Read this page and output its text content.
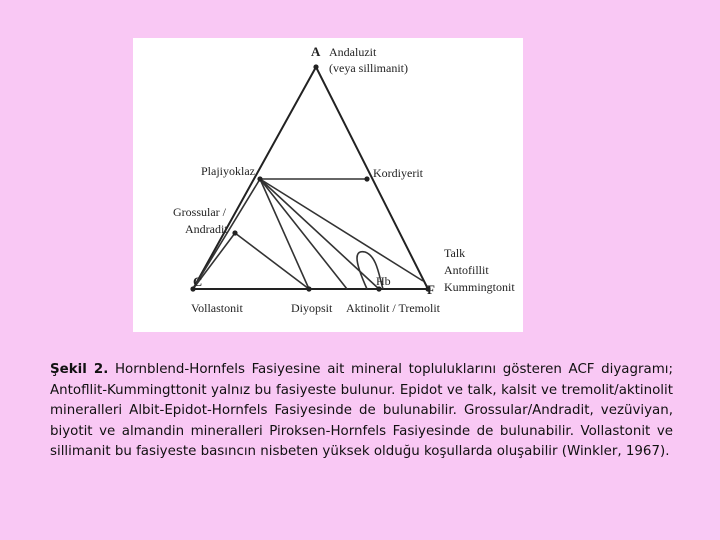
A Andaluzit
(veya sillimanit)
Plajiyoklaz	Kordiyerit
Grossular /
Andradit
Talk
Antofillit
Kummingtonit
Hb
C
F
Vollastonit	Diyopsit Aktinolit / Tremolit

Şekil 2. Hornblend-Hornfels Fasiyesine ait mineral topluluklarını gösteren ACF diyagramı; Antofllit-Kummingttonit yalnız bu fasiyeste bulunur. Epidot ve talk, kalsit ve tremolit/aktinolit mineralleri Albit-Epidot-Hornfels Fasiyesinde de bulunabilir. Grossular/Andradit, vezüviyan, biyotit ve almandin mineralleri Piroksen-Hornfels Fasiyesinde de bulunabilir. Vollastonit ve sillimanit bu fasiyeste basıncın nisbeten yüksek olduğu koşullarda oluşabilir (Winkler, 1967).
